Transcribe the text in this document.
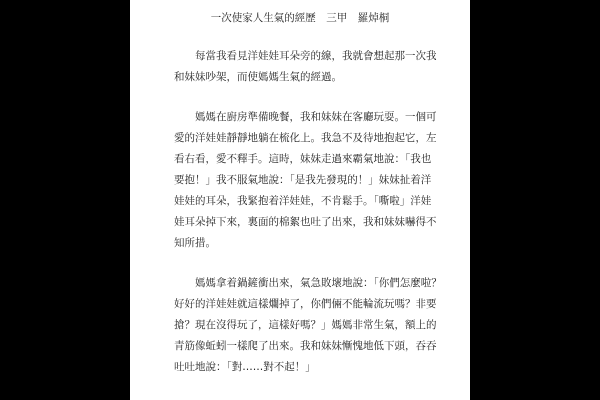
一次使家人生氣的經歷　三甲　羅焯桐
每當我看見洋娃娃耳朵旁的線，我就會想起那一次我
和妹妹吵架，而使媽媽生氣的經過。
媽媽在廚房準備晚餐，我和妹妹在客廳玩耍。一個可
愛的洋娃娃靜靜地躺在梳化上。我急不及待地抱起它，左
看右看，愛不釋手。這時，妹妹走過來霸氣地說：「我也
要抱！」我不服氣地說：「是我先發現的！」妹妹扯着洋
娃娃的耳朵，我緊抱着洋娃娃，不肯鬆手。「嘶啦」洋娃
娃耳朵掉下來，裏面的棉絮也吐了出來，我和妹妹嚇得不
知所措。
媽媽拿着鍋鏟衝出來，氣急敗壞地說：「你們怎麼啦？
好好的洋娃娃就這樣爛掉了，你們倆不能輪流玩嗎？非要
搶？現在沒得玩了，這樣好嗎？」媽媽非常生氣，額上的
青筋像蚯蚓一樣爬了出來。我和妹妹慚愧地低下頭，吞吞
吐吐地說：「對……對不起！」
